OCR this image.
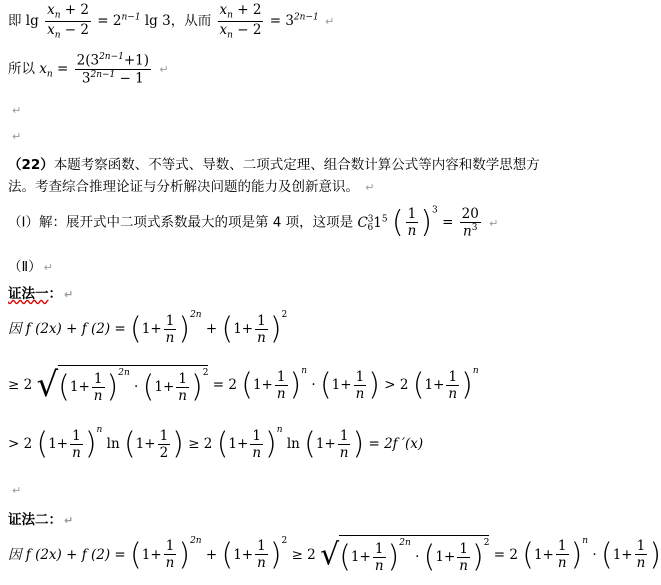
即 $\lg \frac{x_n + 2}{x_n - 2} = 2^{n-1}$ lg 3，从而 $\frac{x_n + 2}{x_n - 2} = 3^{2n-1}$ ↵
所以 $x_n = \frac{2(3^{2n-1}+1)}{3^{2n-1} - 1}$ ↵
↵
↵
（22）本题考察函数、不等式、导数、二项式定理、组合数计算公式等内容和数学思想方
法。考查综合推理论证与分析解决问题的能力及创新意识。 ↵
（Ⅰ）解：展开式中二项式系数最大的项是第 4 项，这项是 $C^3_61^5$ ( $\frac{1}{n} )^3 = \frac{20}{n^3}$ ↵
（Ⅱ） ↵
证法一： ↵
因 f (2x) + f $(2) = (1+ \frac{1}{n} )^{2n} + (1+ \frac{1}{n} )^2$
≥ 2 $√(1+ \frac{1}{n} )^{2n} \cdot (1+ \frac{1}{n} )^2 = 2$ $(1+ \frac{1}{n} )^n \cdot (1+ \frac{1}{n}$ ) > 2 $(1+ \frac{1}{n} )^n$
> 2 $(1+ \frac{1}{n} )^n$ $\ln (1+ \frac{1}{2}$ ) ≥ 2 $(1+ \frac{1}{n} )^n$ $\ln (1+ \frac{1}{n}$ ) = 2f ′(x)
↵
证法二： ↵
因 f (2x) + f $(2) = (1+ \frac{1}{n} )^{2n} + (1+ \frac{1}{n} )^2 \ge 2$ $√(1+ \frac{1}{n} )^{2n} \cdot (1+ \frac{1}{n} )^2 = 2$ $(1+ \frac{1}{n} )^n \cdot (1+ \frac{1}{n}$ )
